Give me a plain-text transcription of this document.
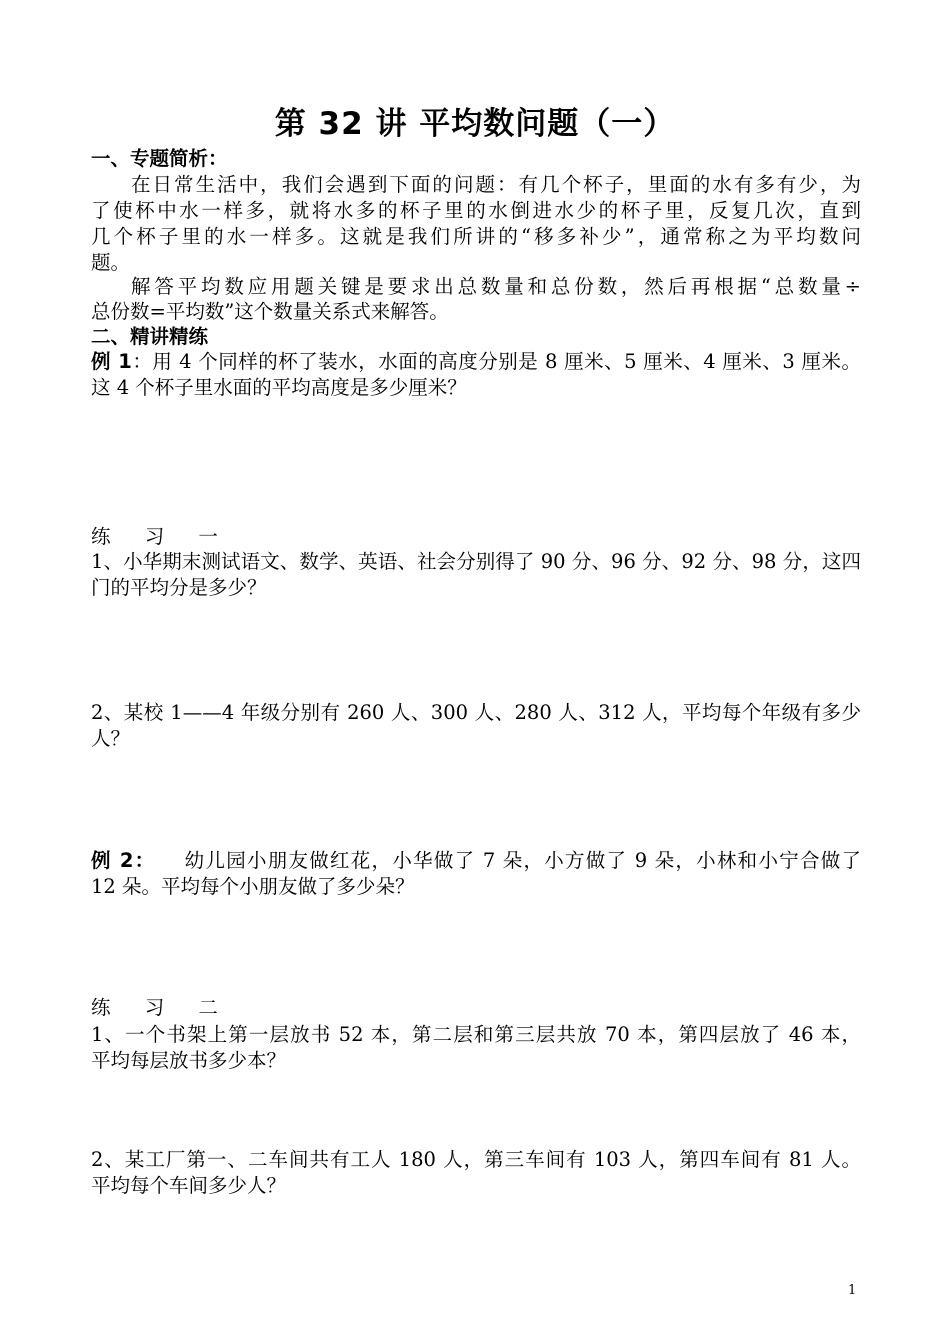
第 32 讲 平均数问题（一）
一、专题简析：
在日常生活中，我们会遇到下面的问题：有几个杯子，里面的水有多有少，为
了使杯中水一样多，就将水多的杯子里的水倒进水少的杯子里，反复几次，直到
几个杯子里的水一样多。这就是我们所讲的“移多补少”，通常称之为平均数问
题。
解答平均数应用题关键是要求出总数量和总份数，然后再根据“总数量÷
总份数=平均数”这个数量关系式来解答。
二、精讲精练
例 1：用 4 个同样的杯了装水，水面的高度分别是 8 厘米、5 厘米、4 厘米、3 厘米。
这 4 个杯子里水面的平均高度是多少厘米？
练 习 一
1、小华期末测试语文、数学、英语、社会分别得了 90 分、96 分、92 分、98 分，这四
门的平均分是多少？
2、某校 1——4 年级分别有 260 人、300 人、280 人、312 人，平均每个年级有多少
人？
例 2： 幼儿园小朋友做红花，小华做了 7 朵，小方做了 9 朵，小林和小宁合做了
12 朵。平均每个小朋友做了多少朵？
练 习 二
1、一个书架上第一层放书 52 本，第二层和第三层共放 70 本，第四层放了 46 本，
平均每层放书多少本？
2、某工厂第一、二车间共有工人 180 人，第三车间有 103 人，第四车间有 81 人。
平均每个车间多少人？
1
